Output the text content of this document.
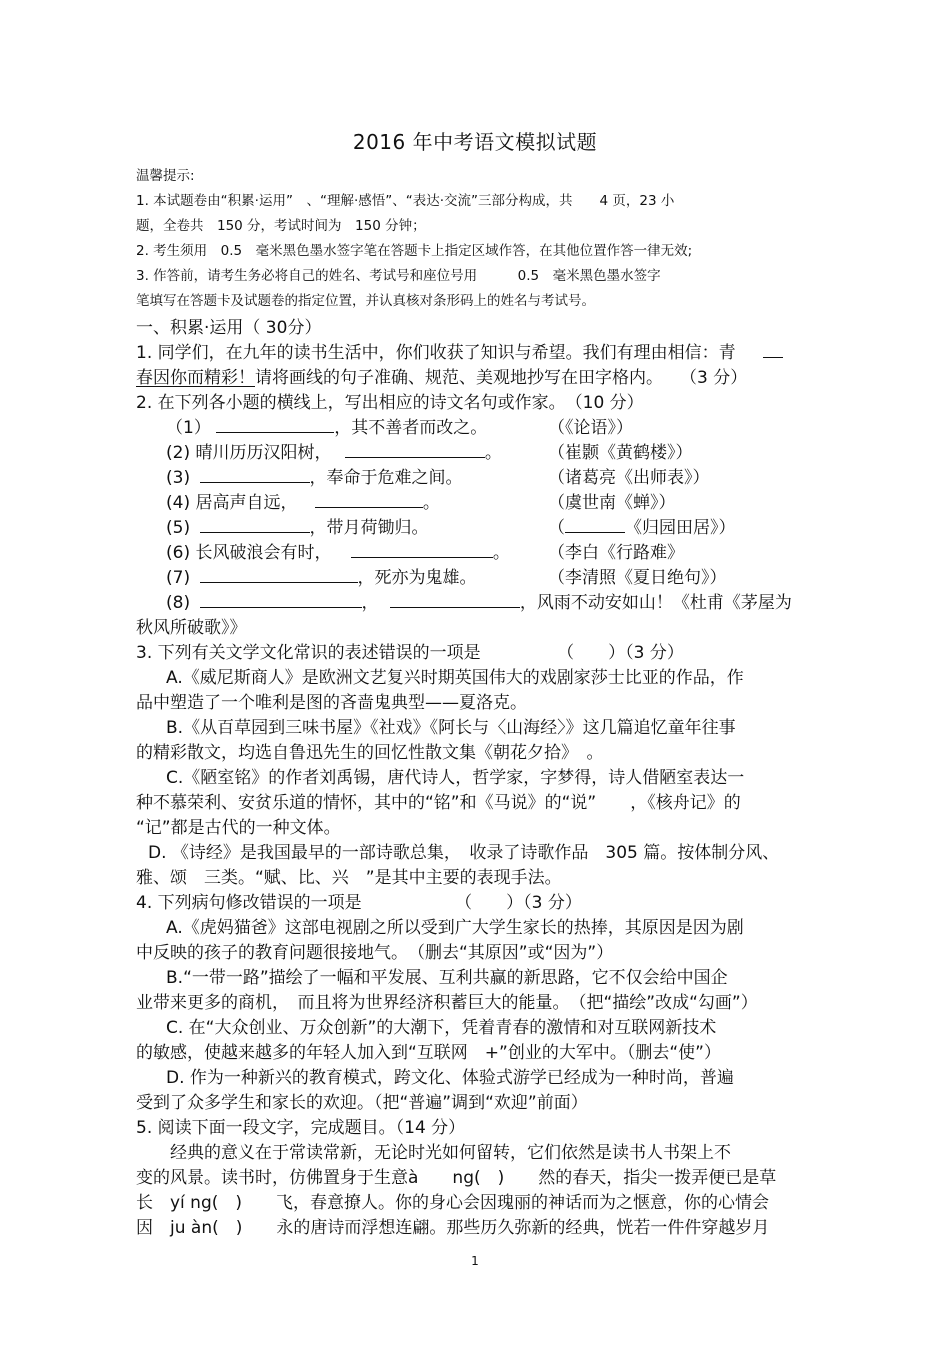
2016 年中考语文模拟试题
温馨提示:
1. 本试题卷由“积累·运用”　、“理解·感悟”、“表达·交流”三部分构成，共　　4 页，23 小
题，全卷共　150 分，考试时间为　150 分钟；
2. 考生须用　0.5　毫米黑色墨水签字笔在答题卡上指定区域作答，在其他位置作答一律无效;
3. 作答前，请考生务必将自己的姓名、考试号和座位号用　　　0.5　毫米黑色墨水签字
笔填写在答题卡及试题卷的指定位置，并认真核对条形码上的姓名与考试号。
一、积累·运用（ 30分）
1. 同学们，在九年的读书生活中，你们收获了知识与希望。我们有理由相信：青
春因你而精彩！请将画线的句子准确、规范、美观地抄写在田字格内。　　（3 分）
2. 在下列各小题的横线上，写出相应的诗文名句或作家。　（10 分）
（1）	，其不善者而改之。	（《论语》）
(2) 晴川历历汉阳树，	。	（崔颢《黄鹤楼》）
(3)	，奉命于危难之间。	（诸葛亮《出师表》）
(4) 居高声自远，	。	（虞世南《蝉》）
(5)	，带月荷锄归。	（	《归园田居》）
(6) 长风破浪会有时，	。 （李白《行路难》
(7)	，死亦为鬼雄。	（李清照《夏日绝句》）
(8)	，	，风雨不动安如山！《杜甫《茅屋为
秋风所破歌》》
3. 下列有关文学文化常识的表述错误的一项是　　　　　（　　）（3 分）
A.《威尼斯商人》是欧洲文艺复兴时期英国伟大的戏剧家莎士比亚的作品，作
品中塑造了一个唯利是图的吝啬鬼典型——夏洛克。
B.《从百草园到三味书屋》《社戏》《阿长与〈山海经〉》这几篇追忆童年往事
的精彩散文，均选自鲁迅先生的回忆性散文集《朝花夕拾》　。
C.《陋室铭》的作者刘禹锡，唐代诗人，哲学家，字梦得，诗人借陋室表达一
种不慕荣利、安贫乐道的情怀，其中的“铭”和《马说》的“说”　　，《核舟记》的
“记”都是古代的一种文体。
D. 《诗经》是我国最早的一部诗歌总集，　收录了诗歌作品　305 篇。按体制分风、
雅、颂　三类。“赋、比、兴　”是其中主要的表现手法。
4. 下列病句修改错误的一项是　　　　　　（　　）（3 分）
A.《虎妈猫爸》这部电视剧之所以受到广大学生家长的热捧，其原因是因为剧
中反映的孩子的教育问题很接地气。　（删去“其原因”或“因为”）
B.“一带一路”描绘了一幅和平发展、互利共赢的新思路，它不仅会给中国企
业带来更多的商机，　而且将为世界经济积蓄巨大的能量。　（把“描绘”改成“勾画”）
C. 在“大众创业、万众创新”的大潮下，凭着青春的激情和对互联网新技术
的敏感，使越来越多的年轻人加入到“互联网　+”创业的大军中。（删去“使”）
D. 作为一种新兴的教育模式，跨文化、体验式游学已经成为一种时尚，普遍
受到了众多学生和家长的欢迎。（把“普遍”调到“欢迎”前面）
5. 阅读下面一段文字，完成题目。（14 分）
经典的意义在于常读常新，无论时光如何留转，它们依然是读书人书架上不
变的风景。读书时，仿佛置身于生意à　　ng(　)　　然的春天，指尖一拨弄便已是草
长　yí ng(　)　　飞，春意撩人。你的身心会因瑰丽的神话而为之惬意，你的心情会
因　ju àn(　)　　永的唐诗而浮想连翩。那些历久弥新的经典，恍若一件件穿越岁月
1
